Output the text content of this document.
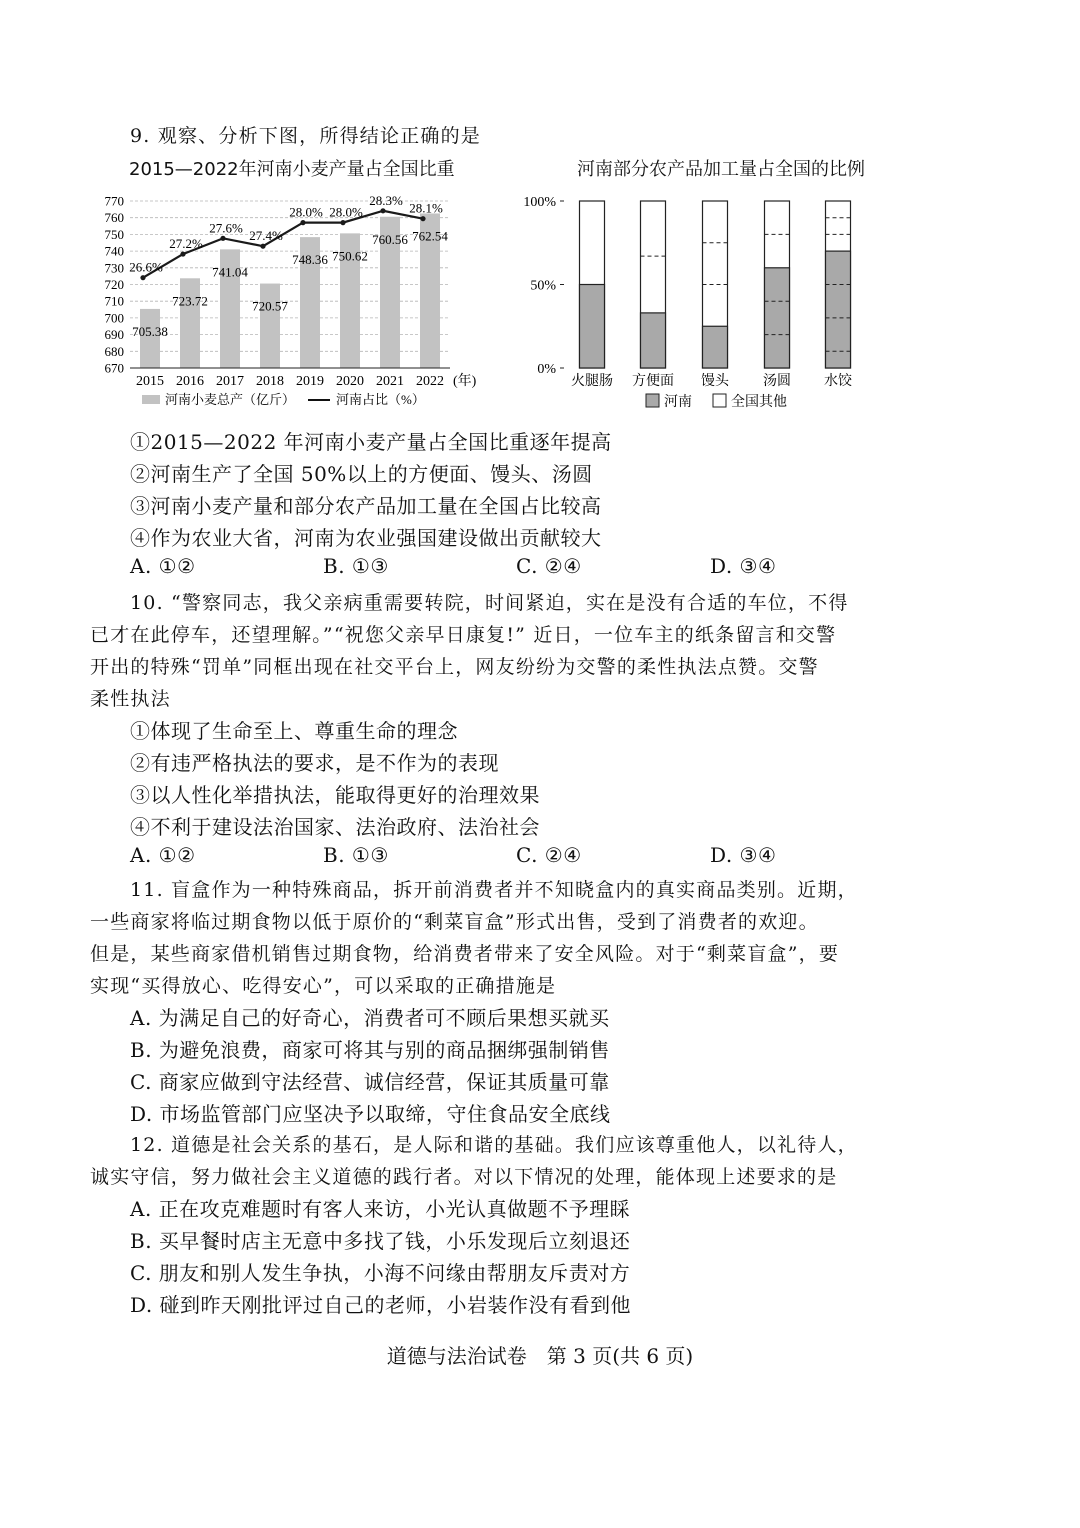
9. 观察、分析下图，所得结论正确的是
2015—2022年河南小麦产量占全国比重	河南部分农产品加工量占全国的比例
670
680
690
700
710
720
730
740
750
760
770
705.38
723.72
741.04
720.57
748.36 750.62
760.56 762.54
2015 2016 2017 2018 2019 2020 2021 2022 (年)
26.6%
27.2%
27.6%
27.4%
28.0% 28.0%
28.3%
28.1%
河南小麦总产（亿斤）	河南占比（%）
0%
50%
100%
火腿肠 方便面 馒头 汤圆 水饺
河南	全国其他
①2015—2022 年河南小麦产量占全国比重逐年提高
②河南生产了全国 50%以上的方便面、馒头、汤圆
③河南小麦产量和部分农产品加工量在全国占比较高
④作为农业大省，河南为农业强国建设做出贡献较大
A. ①②	B. ①③	C. ②④	D. ③④
10. “警察同志，我父亲病重需要转院，时间紧迫，实在是没有合适的车位，不得
已才在此停车，还望理解。”“祝您父亲早日康复!” 近日，一位车主的纸条留言和交警
开出的特殊“罚单”同框出现在社交平台上，网友纷纷为交警的柔性执法点赞。交警
柔性执法
①体现了生命至上、尊重生命的理念
②有违严格执法的要求，是不作为的表现
③以人性化举措执法，能取得更好的治理效果
④不利于建设法治国家、法治政府、法治社会
A. ①②	B. ①③	C. ②④	D. ③④
11. 盲盒作为一种特殊商品，拆开前消费者并不知晓盒内的真实商品类别。近期，
一些商家将临过期食物以低于原价的“剩菜盲盒”形式出售，受到了消费者的欢迎。
但是，某些商家借机销售过期食物，给消费者带来了安全风险。对于“剩菜盲盒”，要
实现“买得放心、吃得安心”，可以采取的正确措施是
A. 为满足自己的好奇心，消费者可不顾后果想买就买
B. 为避免浪费，商家可将其与别的商品捆绑强制销售
C. 商家应做到守法经营、诚信经营，保证其质量可靠
D. 市场监管部门应坚决予以取缔，守住食品安全底线
12. 道德是社会关系的基石，是人际和谐的基础。我们应该尊重他人，以礼待人，
诚实守信，努力做社会主义道德的践行者。对以下情况的处理，能体现上述要求的是
A. 正在攻克难题时有客人来访，小光认真做题不予理睬
B. 买早餐时店主无意中多找了钱，小乐发现后立刻退还
C. 朋友和别人发生争执，小海不问缘由帮朋友斥责对方
D. 碰到昨天刚批评过自己的老师，小岩装作没有看到他
道德与法治试卷　第 3 页(共 6 页)
